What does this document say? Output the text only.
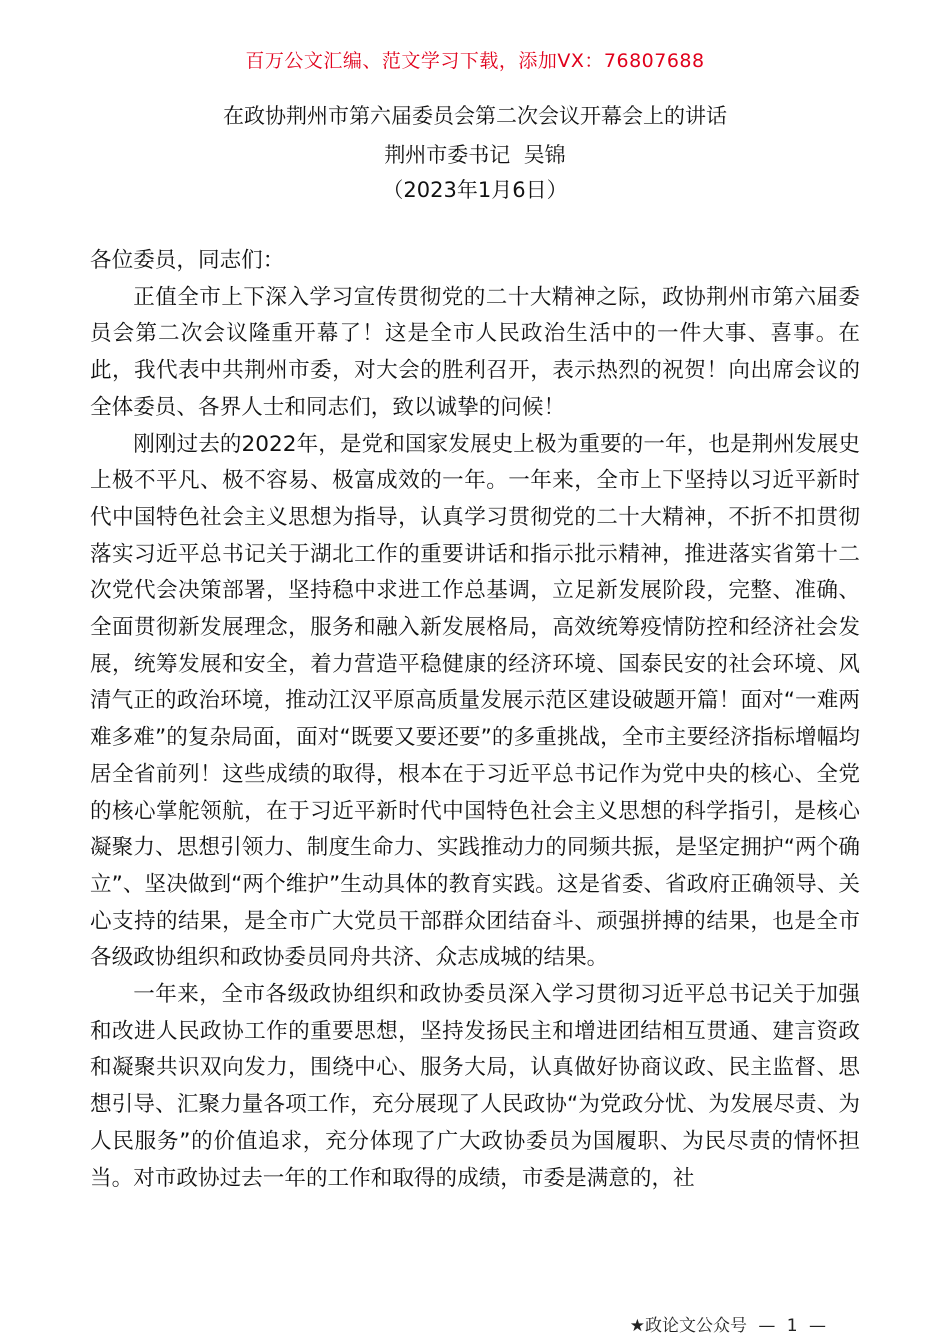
百万公文汇编、范文学习下载，添加VX：76807688
在政协荆州市第六届委员会第二次会议开幕会上的讲话
荆州市委书记  吴锦
（2023年1月6日）

各位委员，同志们：

正值全市上下深入学习宣传贯彻党的二十大精神之际，政协荆州市第六届委员会第二次会议隆重开幕了！这是全市人民政治生活中的一件大事、喜事。在此，我代表中共荆州市委，对大会的胜利召开，表示热烈的祝贺！向出席会议的全体委员、各界人士和同志们，致以诚挚的问候！

刚刚过去的2022年，是党和国家发展史上极为重要的一年，也是荆州发展史上极不平凡、极不容易、极富成效的一年。一年来，全市上下坚持以习近平新时代中国特色社会主义思想为指导，认真学习贯彻党的二十大精神，不折不扣贯彻落实习近平总书记关于湖北工作的重要讲话和指示批示精神，推进落实省第十二次党代会决策部署，坚持稳中求进工作总基调，立足新发展阶段，完整、准确、全面贯彻新发展理念，服务和融入新发展格局，高效统筹疫情防控和经济社会发展，统筹发展和安全，着力营造平稳健康的经济环境、国泰民安的社会环境、风清气正的政治环境，推动江汉平原高质量发展示范区建设破题开篇！面对“一难两难多难”的复杂局面，面对“既要又要还要”的多重挑战，全市主要经济指标增幅均居全省前列！这些成绩的取得，根本在于习近平总书记作为党中央的核心、全党的核心掌舵领航，在于习近平新时代中国特色社会主义思想的科学指引，是核心凝聚力、思想引领力、制度生命力、实践推动力的同频共振，是坚定拥护“两个确立”、坚决做到“两个维护”生动具体的教育实践。这是省委、省政府正确领导、关心支持的结果，是全市广大党员干部群众团结奋斗、顽强拼搏的结果，也是全市各级政协组织和政协委员同舟共济、众志成城的结果。

一年来，全市各级政协组织和政协委员深入学习贯彻习近平总书记关于加强和改进人民政协工作的重要思想，坚持发扬民主和增进团结相互贯通、建言资政和凝聚共识双向发力，围绕中心、服务大局，认真做好协商议政、民主监督、思想引导、汇聚力量各项工作，充分展现了人民政协“为党政分忧、为发展尽责、为人民服务”的价值追求，充分体现了广大政协委员为国履职、为民尽责的情怀担当。对市政协过去一年的工作和取得的成绩，市委是满意的，社

★政论文公众号 — 1 —
